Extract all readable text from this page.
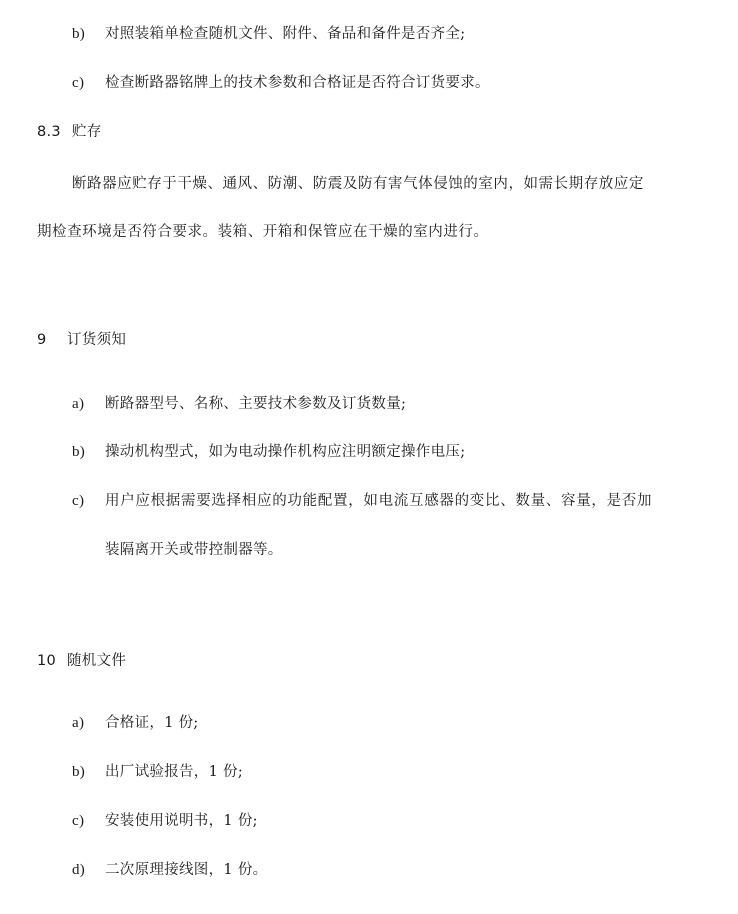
b) 对照装箱单检查随机文件、附件、备品和备件是否齐全;
c) 检查断路器铭牌上的技术参数和合格证是否符合订货要求。
8.3 贮存
断路器应贮存于干燥、通风、防潮、防震及防有害气体侵蚀的室内，如需长期存放应定
期检查环境是否符合要求。装箱、开箱和保管应在干燥的室内进行。
9 订货须知
a) 断路器型号、名称、主要技术参数及订货数量;
b) 操动机构型式，如为电动操作机构应注明额定操作电压;
c) 用户应根据需要选择相应的功能配置，如电流互感器的变比、数量、容量，是否加
装隔离开关或带控制器等。
10 随机文件
a) 合格证，1 份;
b) 出厂试验报告，1 份;
c) 安装使用说明书，1 份;
d) 二次原理接线图，1 份。
